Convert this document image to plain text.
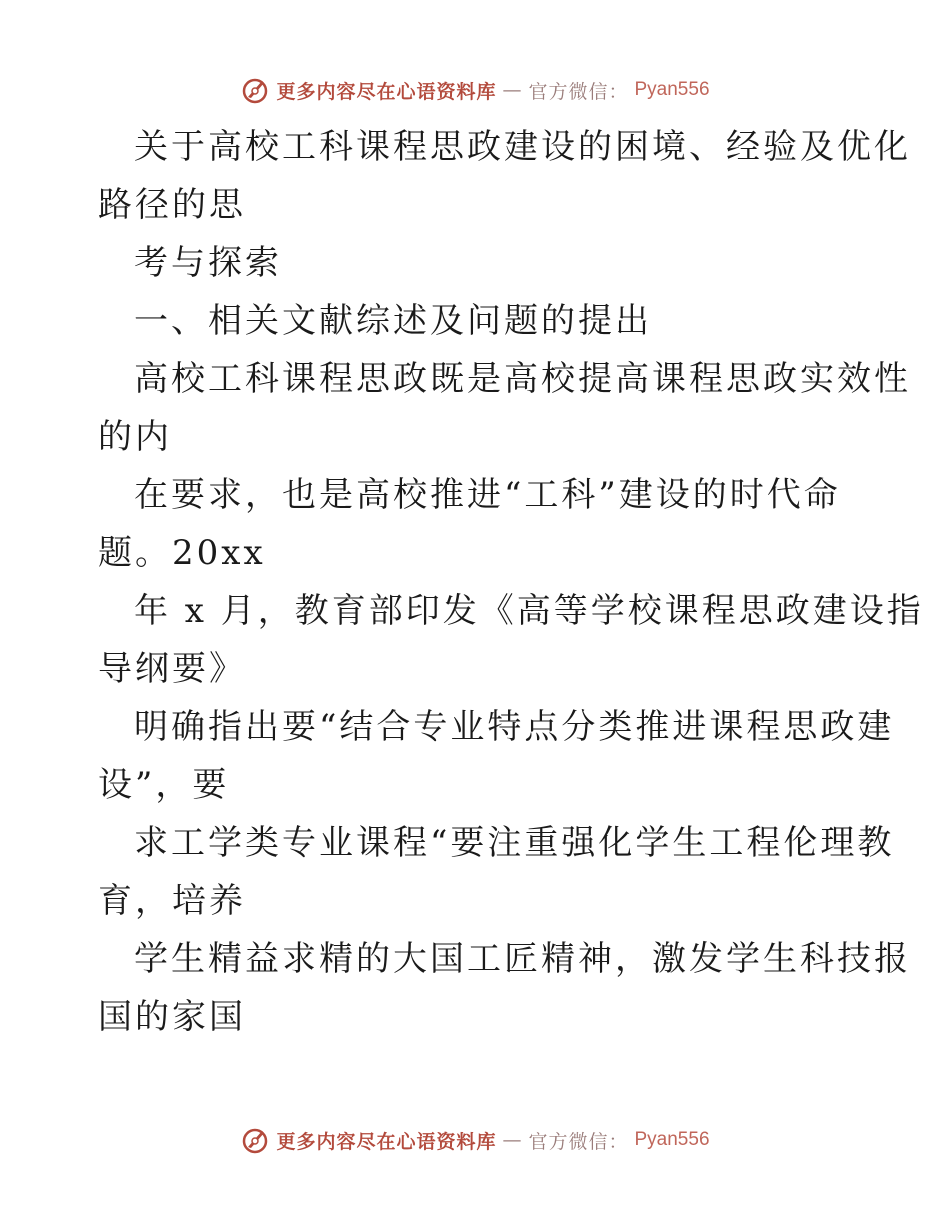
更多内容尽在心语资料库 — 官方微信： Pyan556
关于高校工科课程思政建设的困境、经验及优化
路径的思
考与探索
一、相关文献综述及问题的提出
高校工科课程思政既是高校提高课程思政实效性
的内
在要求，也是高校推进“工科”建设的时代命
题。20xx
年 x 月，教育部印发《高等学校课程思政建设指
导纲要》
明确指出要“结合专业特点分类推进课程思政建
设”，要
求工学类专业课程“要注重强化学生工程伦理教
育，培养
学生精益求精的大国工匠精神，激发学生科技报
国的家国
更多内容尽在心语资料库 — 官方微信： Pyan556
